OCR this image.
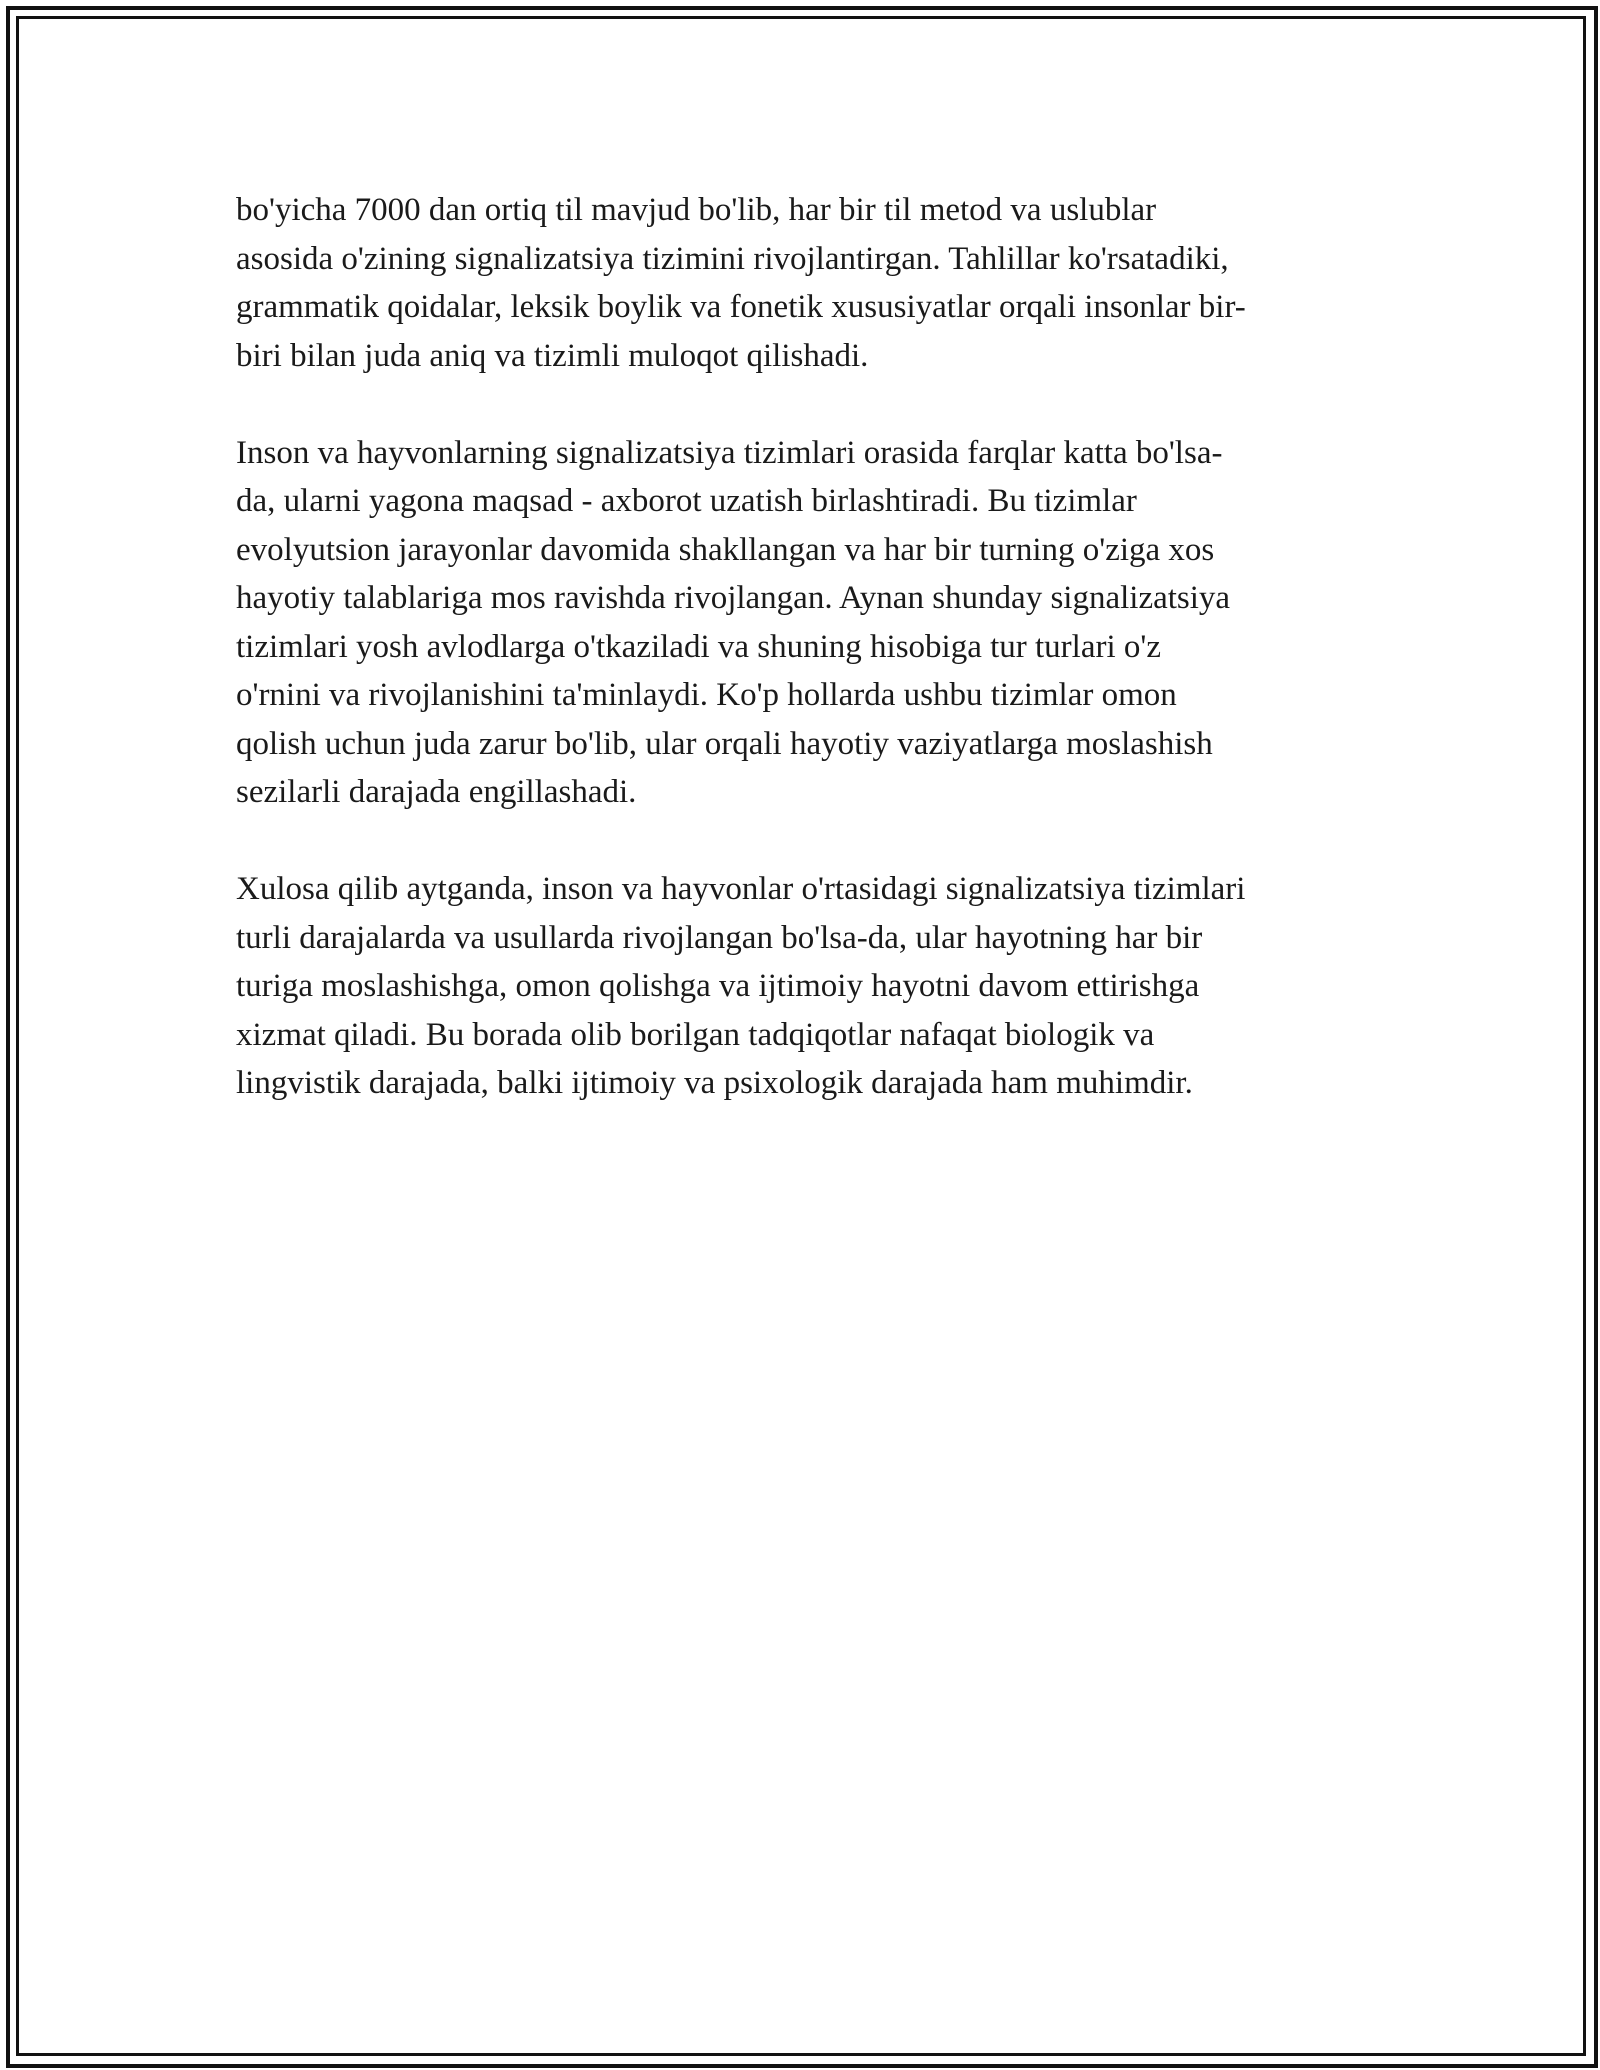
bo'yicha 7000 dan ortiq til mavjud bo'lib, har bir til metod va uslublar
asosida o'zining signalizatsiya tizimini rivojlantirgan. Tahlillar ko'rsatadiki,
grammatik qoidalar, leksik boylik va fonetik xususiyatlar orqali insonlar bir-
biri bilan juda aniq va tizimli muloqot qilishadi.

Inson va hayvonlarning signalizatsiya tizimlari orasida farqlar katta bo'lsa-
da, ularni yagona maqsad - axborot uzatish birlashtiradi. Bu tizimlar
evolyutsion jarayonlar davomida shakllangan va har bir turning o'ziga xos
hayotiy talablariga mos ravishda rivojlangan. Aynan shunday signalizatsiya
tizimlari yosh avlodlarga o'tkaziladi va shuning hisobiga tur turlari o'z
o'rnini va rivojlanishini ta'minlaydi. Ko'p hollarda ushbu tizimlar omon
qolish uchun juda zarur bo'lib, ular orqali hayotiy vaziyatlarga moslashish
sezilarli darajada engillashadi.

Xulosa qilib aytganda, inson va hayvonlar o'rtasidagi signalizatsiya tizimlari
turli darajalarda va usullarda rivojlangan bo'lsa-da, ular hayotning har bir
turiga moslashishga, omon qolishga va ijtimoiy hayotni davom ettirishga
xizmat qiladi. Bu borada olib borilgan tadqiqotlar nafaqat biologik va
lingvistik darajada, balki ijtimoiy va psixologik darajada ham muhimdir.
